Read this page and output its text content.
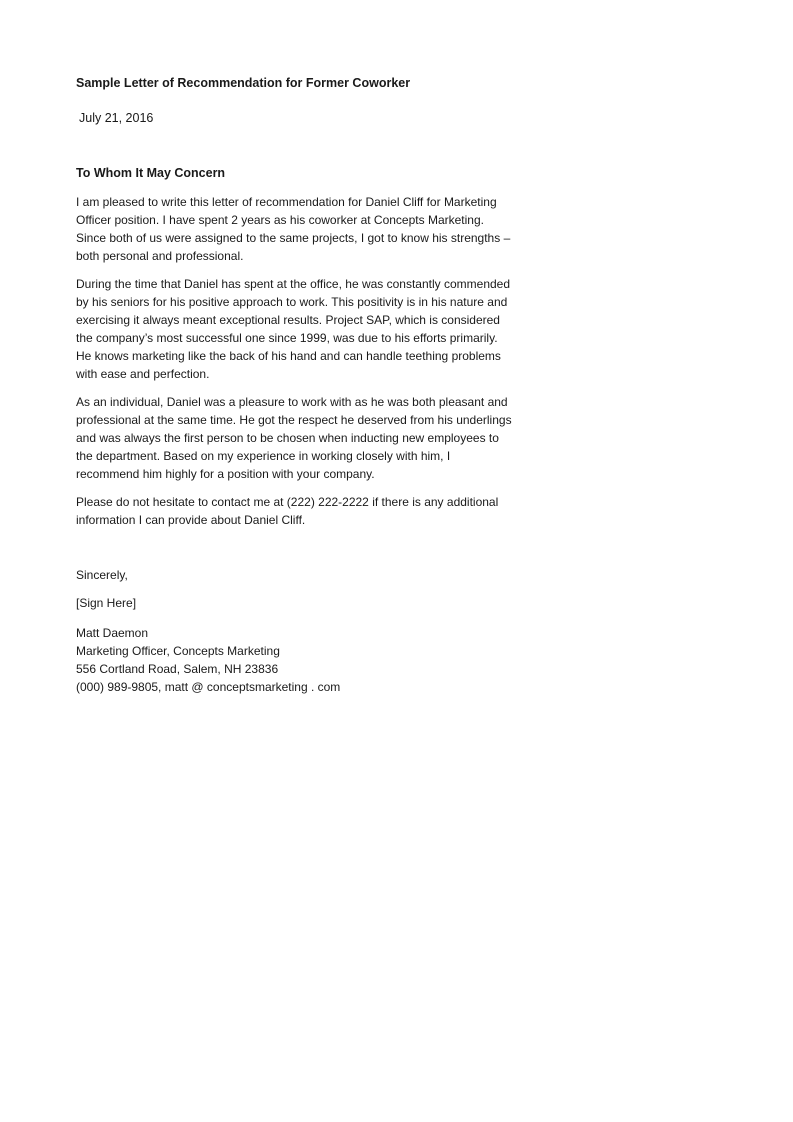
Sample Letter of Recommendation for Former Coworker
July 21, 2016
To Whom It May Concern

I am pleased to write this letter of recommendation for Daniel Cliff for Marketing
Officer position. I have spent 2 years as his coworker at Concepts Marketing.
Since both of us were assigned to the same projects, I got to know his strengths –
both personal and professional.

During the time that Daniel has spent at the office, he was constantly commended
by his seniors for his positive approach to work. This positivity is in his nature and
exercising it always meant exceptional results. Project SAP, which is considered
the company’s most successful one since 1999, was due to his efforts primarily.
He knows marketing like the back of his hand and can handle teething problems
with ease and perfection.

As an individual, Daniel was a pleasure to work with as he was both pleasant and
professional at the same time. He got the respect he deserved from his underlings
and was always the first person to be chosen when inducting new employees to
the department. Based on my experience in working closely with him, I
recommend him highly for a position with your company.

Please do not hesitate to contact me at (222) 222-2222 if there is any additional
information I can provide about Daniel Cliff.

Sincerely,
[Sign Here]
Matt Daemon
Marketing Officer, Concepts Marketing
556 Cortland Road, Salem, NH 23836
(000) 989-9805, matt @ conceptsmarketing . com
